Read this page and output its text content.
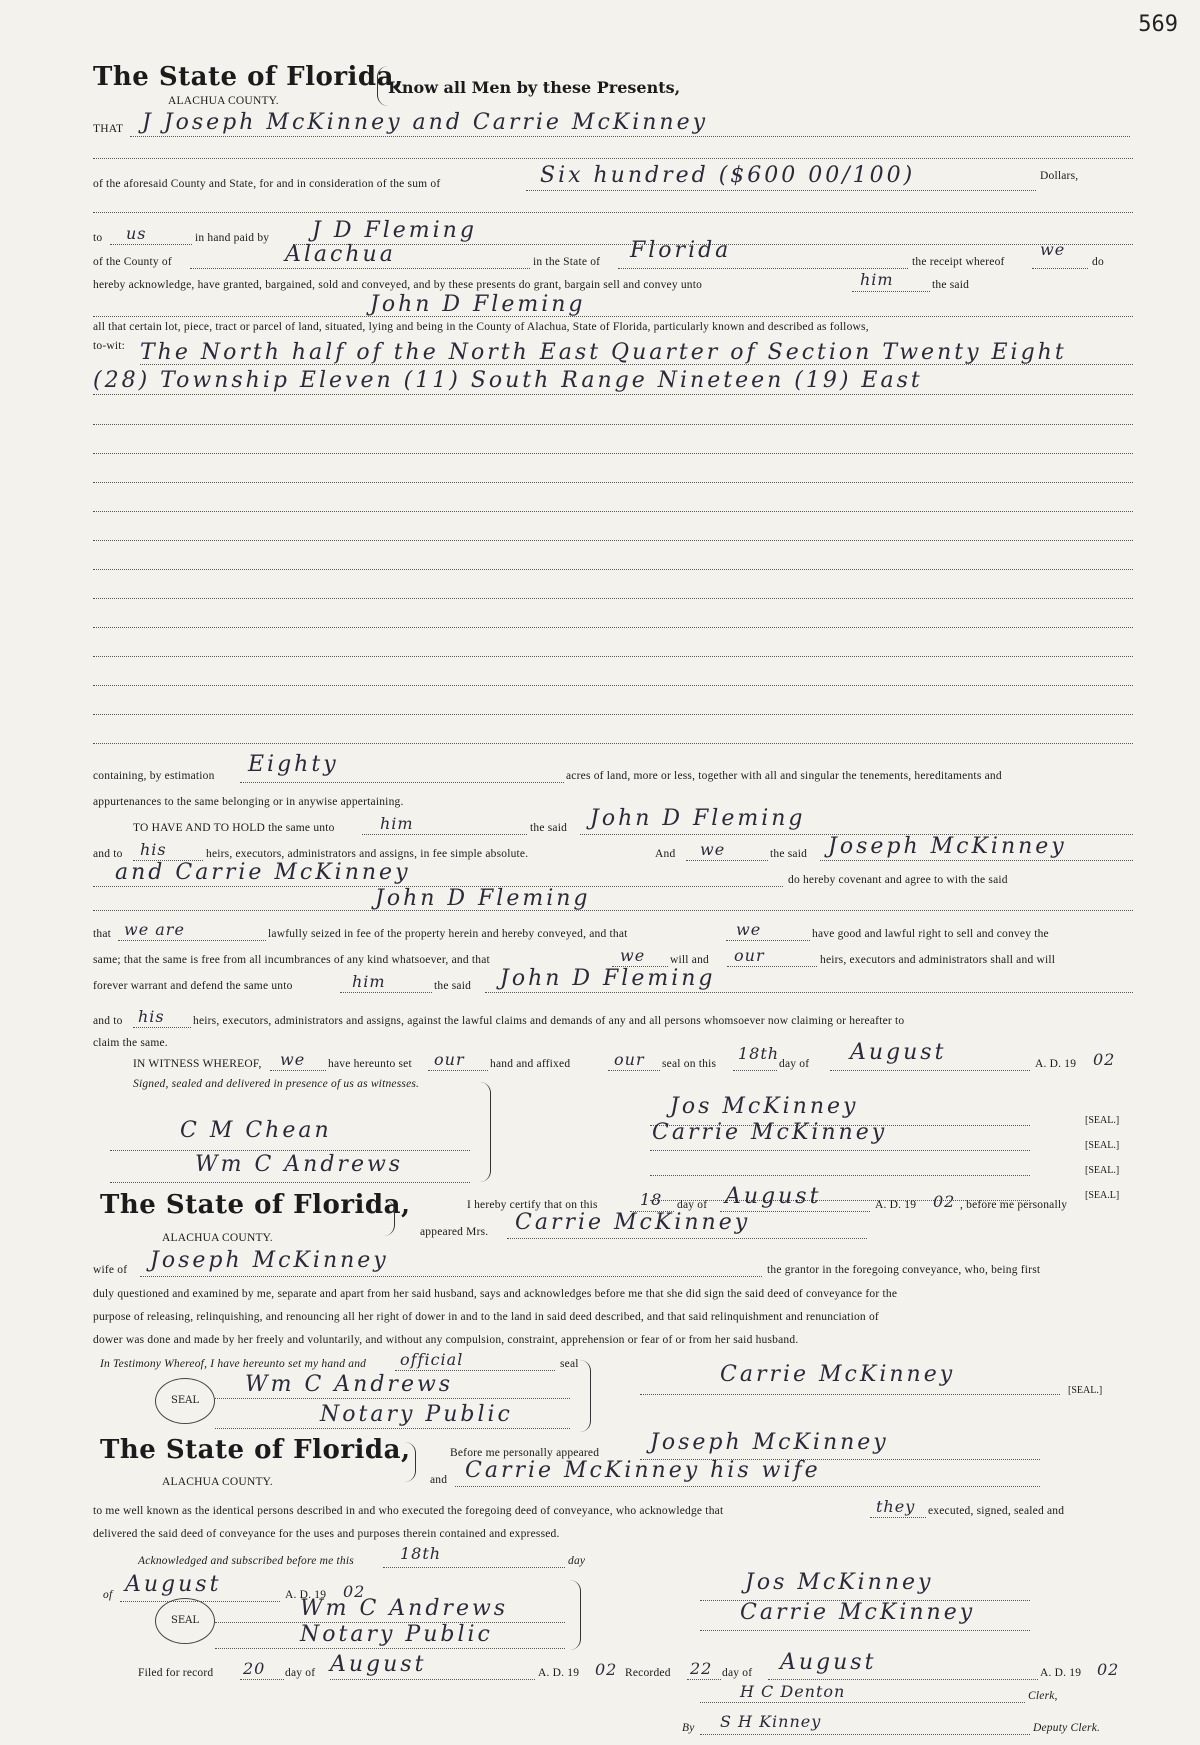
569
The State of Florida,
Know all Men by these Presents,
ALACHUA COUNTY.
THAT J Joseph McKinney and Carrie McKinney
of the aforesaid County and State, for and in consideration of the sum of	Six hundred ($600 00/100)	Dollars,
to us	in hand paid by J D Fleming
of the County of	Alachua	in the State of Florida	the receipt whereof
we
do
hereby acknowledge, have granted, bargained, sold and conveyed, and by these presents do grant, bargain sell and convey unto	him	the said
John D Fleming
all that certain lot, piece, tract or parcel of land, situated, lying and being in the County of Alachua, State of Florida, particularly known and described as follows,
to-wit: The North half of the North East Quarter of Section Twenty Eight
(28) Township Eleven (11) South Range Nineteen (19) East
containing, by estimation Eighty	acres of land, more or less, together with all and singular the tenements, hereditaments and
appurtenances to the same belonging or in anywise appertaining.
TO HAVE AND TO HOLD the same unto	him	the said John D Fleming
and to his	heirs, executors, administrators and assigns, in fee simple absolute.	And we	the said Joseph McKinney
and Carrie McKinney	do hereby covenant and agree to with the said
John D Fleming
that we are	lawfully seized in fee of the property herein and hereby conveyed, and that	we	have good and lawful right to sell and convey the
same; that the same is free from all incumbrances of any kind whatsoever, and that	we will and our	heirs, executors and administrators shall and will
forever warrant and defend the same unto	him	the said John D Fleming
and to his heirs, executors, administrators and assigns, against the lawful claims and demands of any and all persons whomsoever now claiming or hereafter to
claim the same.
IN WITNESS WHEREOF, we have hereunto set our hand and affixed	our seal on this
18th
day of August	A. D. 19 02
Signed, sealed and delivered in presence of us as witnesses.
Jos McKinney
[SEAL.]
C M Chean	Carrie McKinney
[SEAL.]
[SEAL.]
Wm C Andrews
[SEA.L]
The State of Florida,
ALACHUA COUNTY.
I hereby certify that on this	18 day of August	A. D. 19 02 , before me personally
appeared Mrs. Carrie McKinney
wife of Joseph McKinney	the grantor in the foregoing conveyance, who, being first
duly questioned and examined by me, separate and apart from her said husband, says and acknowledges before me that she did sign the said deed of conveyance for the
purpose of releasing, relinquishing, and renouncing all her right of dower in and to the land in said deed described, and that said relinquishment and renunciation of
dower was done and made by her freely and voluntarily, and without any compulsion, constraint, apprehension or fear of or from her said husband.
In Testimony Whereof, I have hereunto set my hand and official	seal
Wm C Andrews
Notary Public
SEAL
Carrie McKinney
[SEAL.]
The State of Florida,
ALACHUA COUNTY.
Before me personally appeared Joseph McKinney
and Carrie McKinney his wife
to me well known as the identical persons described in and who executed the foregoing deed of conveyance, who acknowledge that	they executed, signed, sealed and
delivered the said deed of conveyance for the uses and purposes therein contained and expressed.
Acknowledged and subscribed before me this	18th	day
of August	A. D. 19 02
Wm C Andrews
Notary Public
SEAL
Jos McKinney
Carrie McKinney
Filed for record 20 day of August	A. D. 19 02 Recorded 22 day of August	A. D. 19 02
H C Denton	Clerk,
By S H Kinney	Deputy Clerk.
